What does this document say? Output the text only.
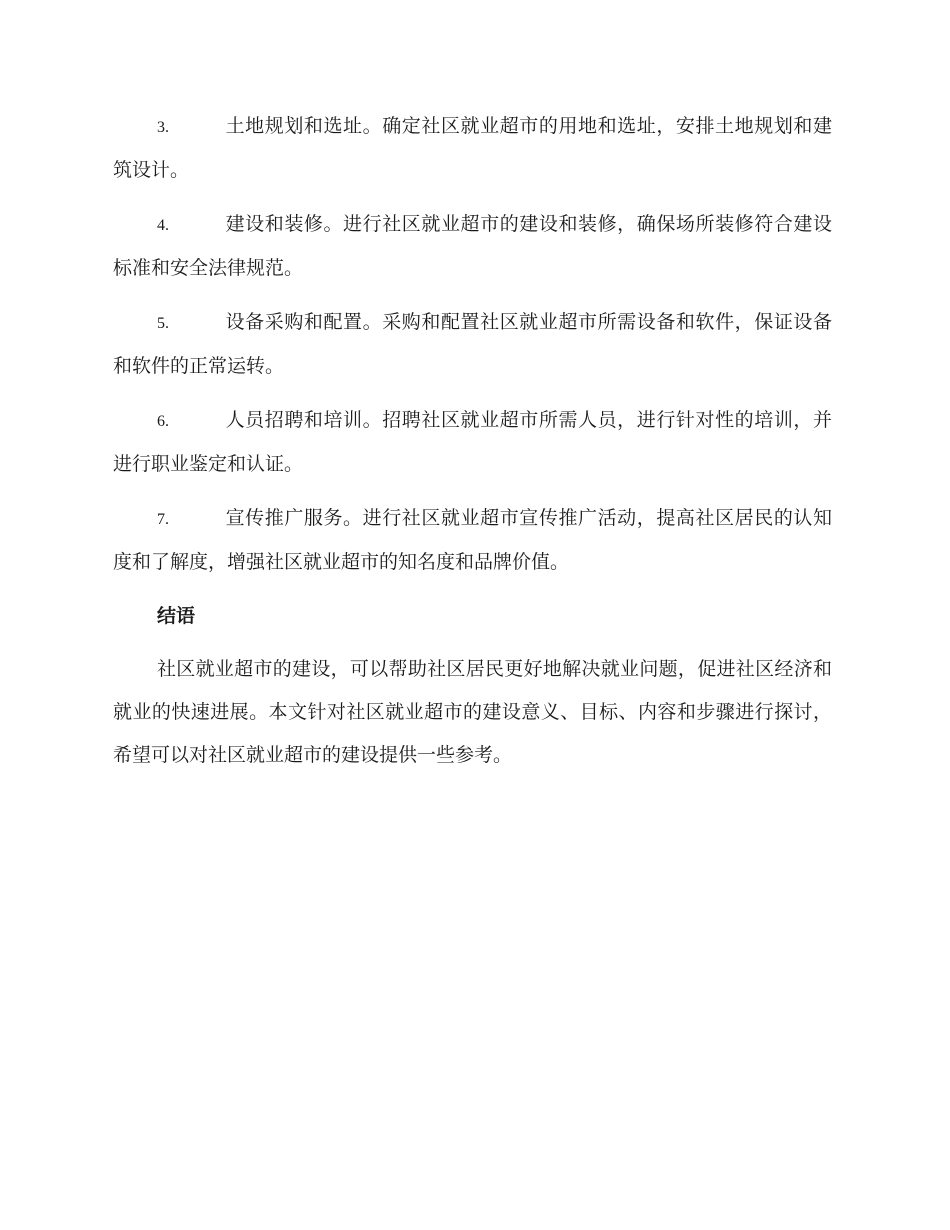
3.	土地规划和选址。确定社区就业超市的用地和选址，安排土地规划和建筑设计。

4.	建设和装修。进行社区就业超市的建设和装修，确保场所装修符合建设标准和安全法律规范。

5.	设备采购和配置。采购和配置社区就业超市所需设备和软件，保证设备和软件的正常运转。

6.	人员招聘和培训。招聘社区就业超市所需人员，进行针对性的培训，并进行职业鉴定和认证。

7.	宣传推广服务。进行社区就业超市宣传推广活动，提高社区居民的认知度和了解度，增强社区就业超市的知名度和品牌价值。

结语

社区就业超市的建设，可以帮助社区居民更好地解决就业问题，促进社区经济和就业的快速进展。本文针对社区就业超市的建设意义、目标、内容和步骤进行探讨，希望可以对社区就业超市的建设提供一些参考。
